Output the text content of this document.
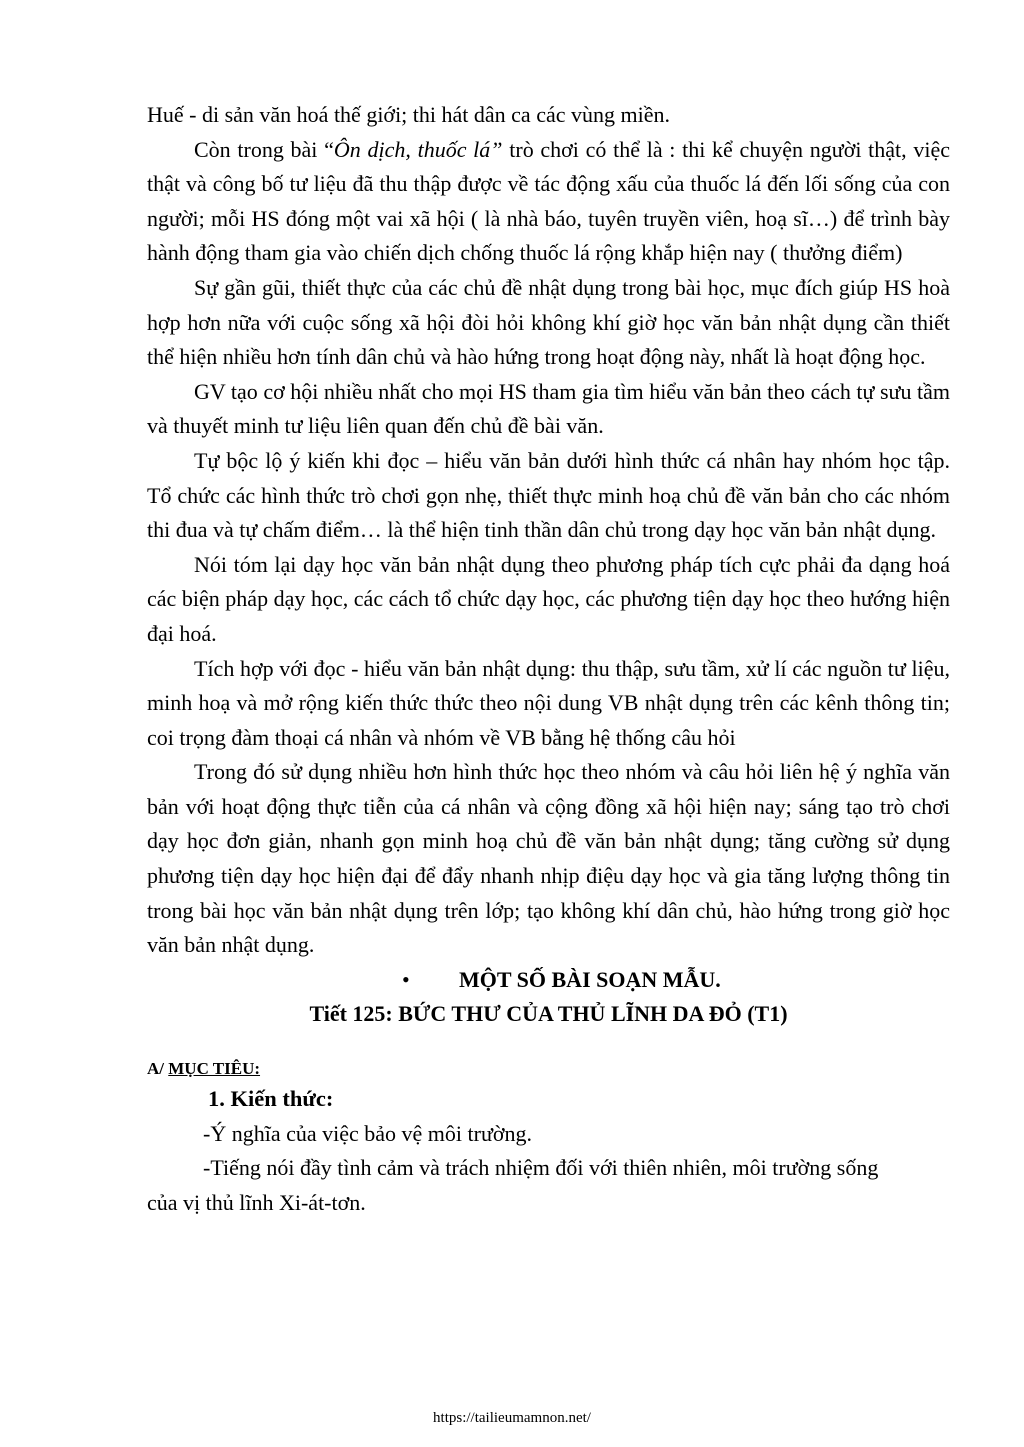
Huế - di sản văn hoá thế giới; thi hát dân ca các vùng miền.

Còn trong bài “Ôn dịch, thuốc lá” trò chơi có thể là : thi kể chuyện người thật, việc thật và công bố tư liệu đã thu thập được về tác động xấu của thuốc lá đến lối sống của con người; mỗi HS đóng một vai xã hội ( là nhà báo, tuyên truyền viên, hoạ sĩ…) để trình bày hành động tham gia vào chiến dịch chống thuốc lá rộng khắp hiện nay ( thưởng điểm)

Sự gần gũi, thiết thực của các chủ đề nhật dụng trong bài học, mục đích giúp HS hoà hợp hơn nữa với cuộc sống xã hội đòi hỏi không khí giờ học văn bản nhật dụng cần thiết thể hiện nhiều hơn tính dân chủ và hào hứng trong hoạt động này, nhất là hoạt động học.

GV tạo cơ hội nhiều nhất cho mọi HS tham gia tìm hiểu văn bản theo cách tự sưu tầm và thuyết minh tư liệu liên quan đến chủ đề bài văn.

Tự bộc lộ ý kiến khi đọc – hiểu văn bản dưới hình thức cá nhân hay nhóm học tập. Tổ chức các hình thức trò chơi gọn nhẹ, thiết thực minh hoạ chủ đề văn bản cho các nhóm thi đua và tự chấm điểm… là thể hiện tinh thần dân chủ trong dạy học văn bản nhật dụng.

Nói tóm lại dạy học văn bản nhật dụng theo phương pháp tích cực phải đa dạng hoá các biện pháp dạy học, các cách tổ chức dạy học, các phương tiện dạy học theo hướng hiện đại hoá.

Tích hợp với đọc - hiểu văn bản nhật dụng: thu thập, sưu tầm, xử lí các nguồn tư liệu, minh hoạ và mở rộng kiến thức thức theo nội dung VB nhật dụng trên các kênh thông tin; coi trọng đàm thoại cá nhân và nhóm về VB bằng hệ thống câu hỏi

Trong đó sử dụng nhiều hơn hình thức học theo nhóm và câu hỏi liên hệ ý nghĩa văn bản với hoạt động thực tiễn của cá nhân và cộng đồng xã hội hiện nay; sáng tạo trò chơi dạy học đơn giản, nhanh gọn minh hoạ chủ đề văn bản nhật dụng; tăng cường sử dụng phương tiện dạy học hiện đại để đẩy nhanh nhịp điệu dạy học và gia tăng lượng thông tin trong bài học văn bản nhật dụng trên lớp; tạo không khí dân chủ, hào hứng trong giờ học văn bản nhật dụng.

• MỘT SỐ BÀI SOẠN MẪU.

Tiết 125: BỨC THƯ CỦA THỦ LĨNH DA ĐỎ (T1)

A/ MỤC TIÊU:

1. Kiến thức:

-Ý nghĩa của việc bảo vệ môi trường.

-Tiếng nói đầy tình cảm và trách nhiệm đối với thiên nhiên, môi trường sống

của vị thủ lĩnh Xi-át-tơn.

https://tailieumamnon.net/
